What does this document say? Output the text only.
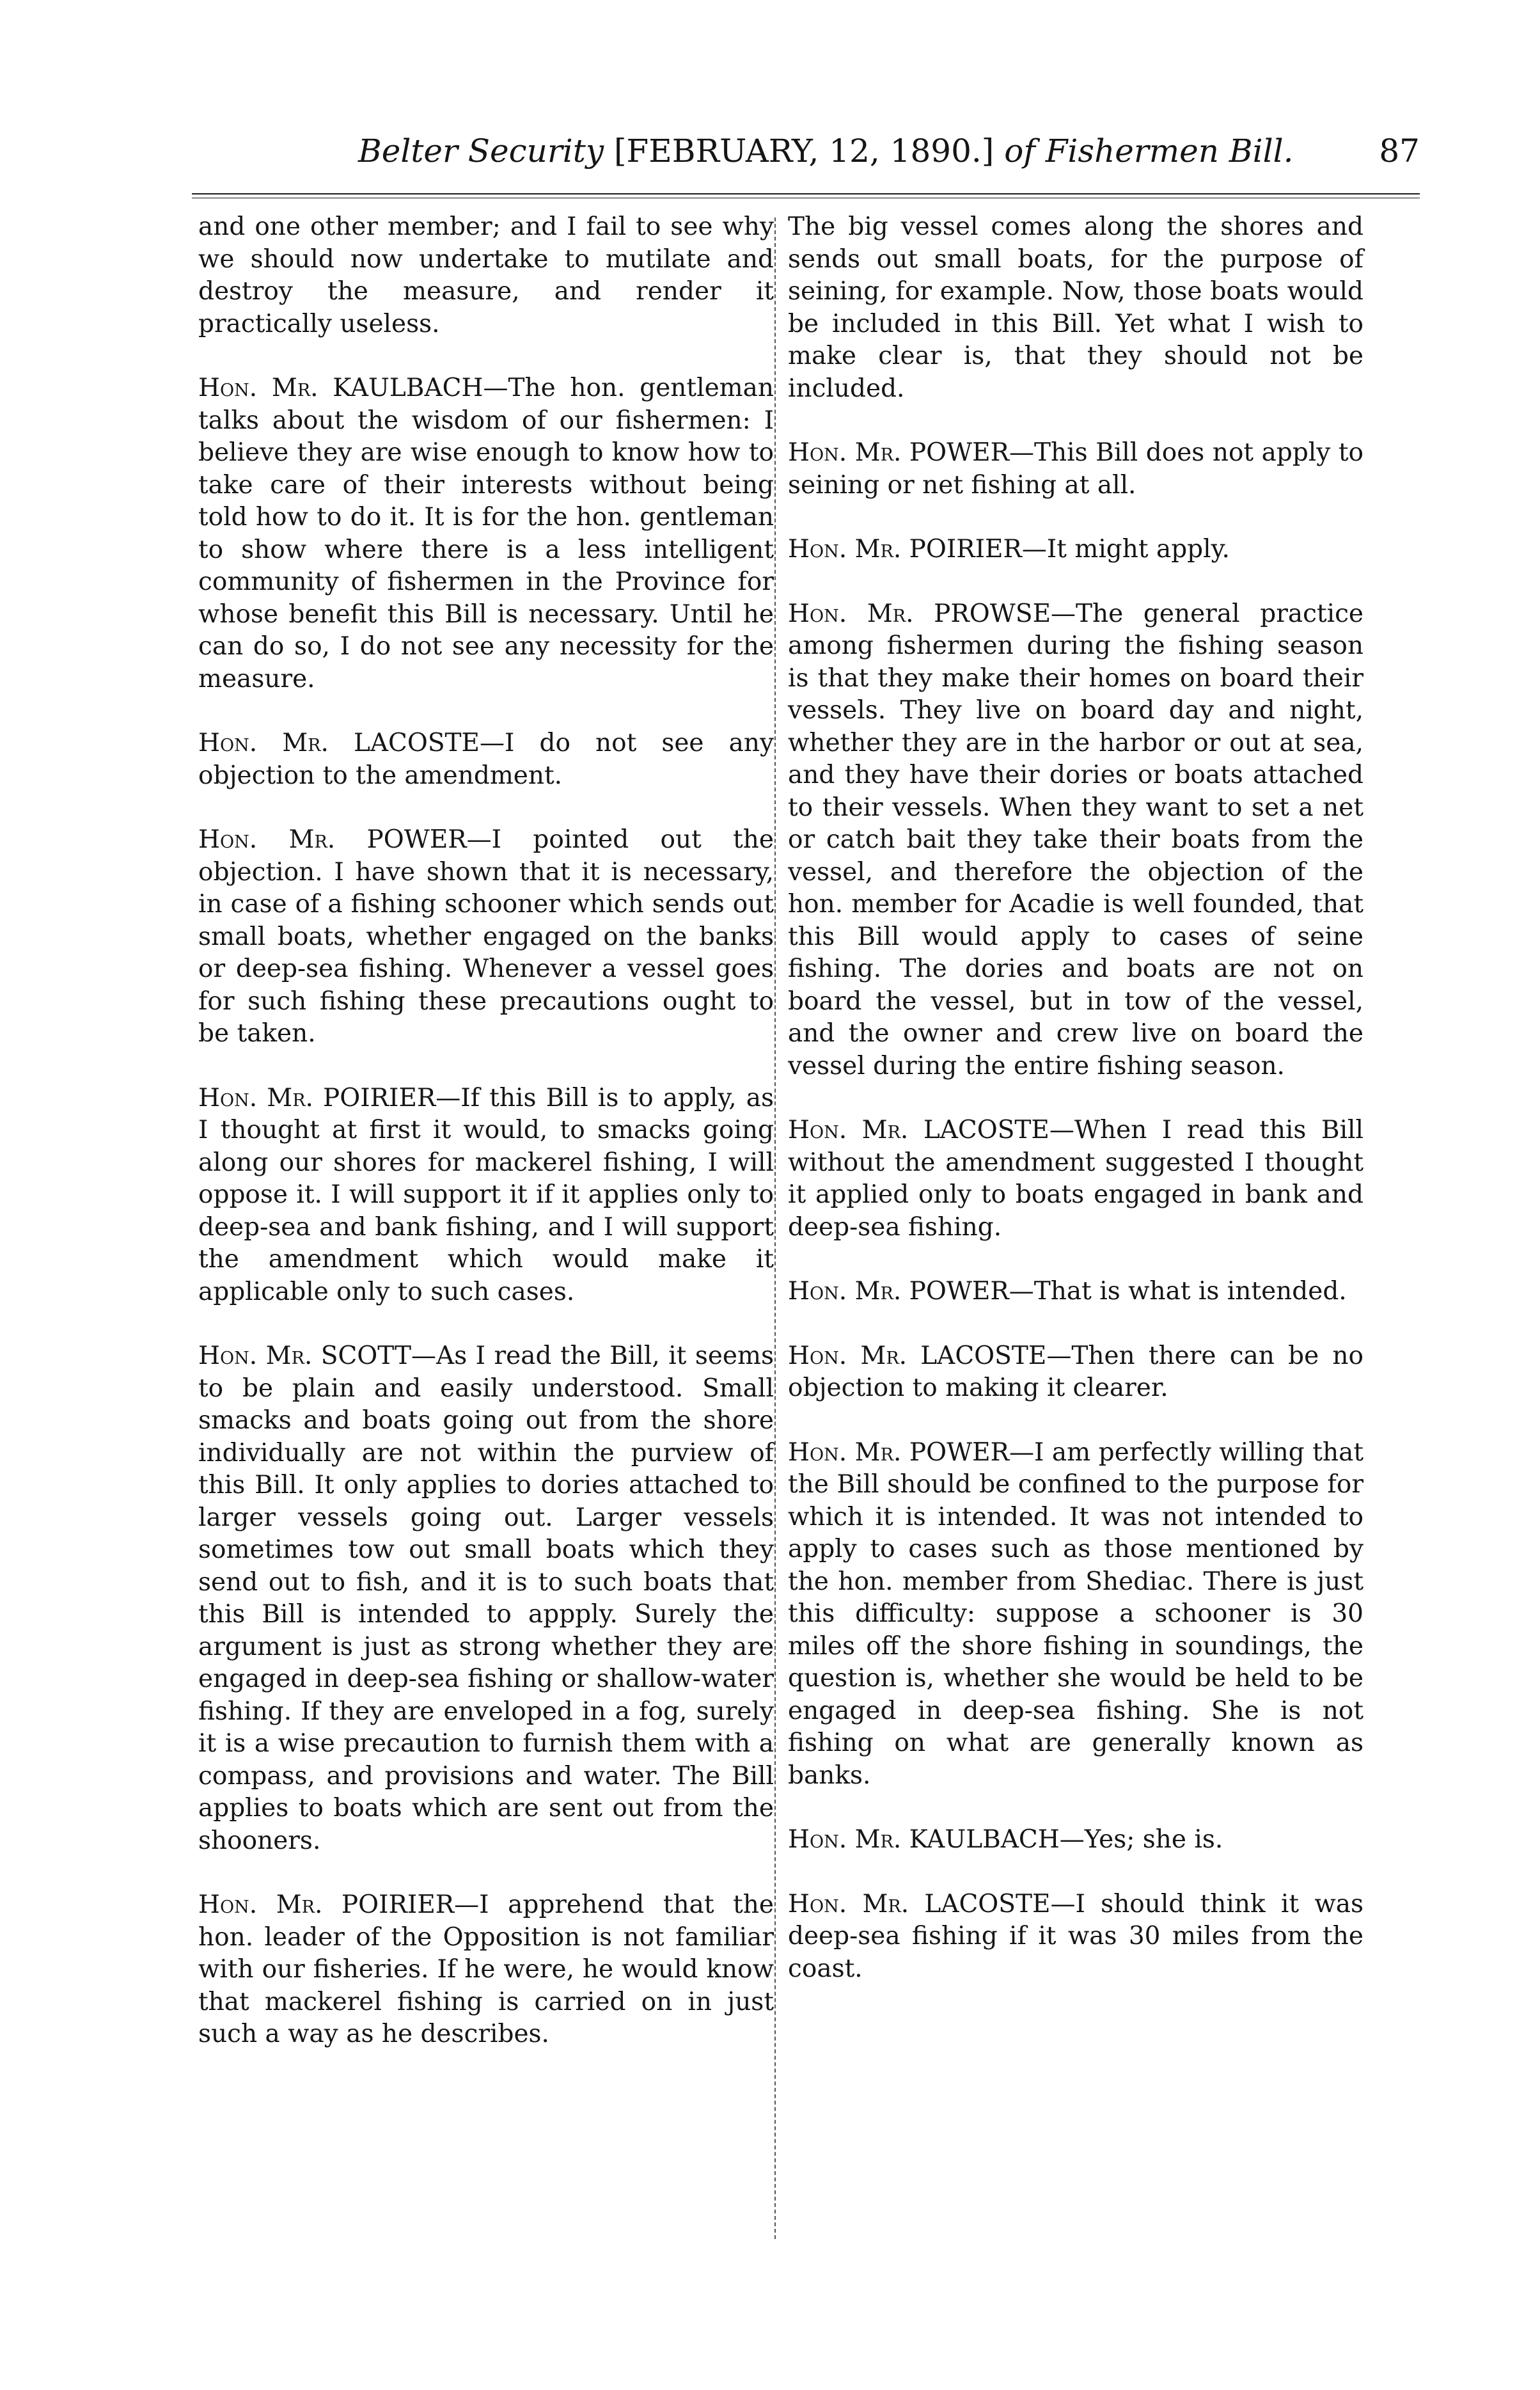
Belter Security [FEBRUARY, 12, 1890.] of Fishermen Bill.	87

and one other member; and I fail to see why we should now undertake to mutilate and destroy the measure, and render it practically useless.

Hon. Mr. KAULBACH—The hon. gentleman talks about the wisdom of our fishermen: I believe they are wise enough to know how to take care of their interests without being told how to do it. It is for the hon. gentleman to show where there is a less intelligent community of fishermen in the Province for whose benefit this Bill is necessary. Until he can do so, I do not see any necessity for the measure.

Hon. Mr. LACOSTE—I do not see any objection to the amendment.

Hon. Mr. POWER—I pointed out the objection. I have shown that it is necessary, in case of a fishing schooner which sends out small boats, whether engaged on the banks or deep-sea fishing. Whenever a vessel goes for such fishing these precautions ought to be taken.

Hon. Mr. POIRIER—If this Bill is to apply, as I thought at first it would, to smacks going along our shores for mackerel fishing, I will oppose it. I will support it if it applies only to deep-sea and bank fishing, and I will support the amendment which would make it applicable only to such cases.

Hon. Mr. SCOTT—As I read the Bill, it seems to be plain and easily understood. Small smacks and boats going out from the shore individually are not within the purview of this Bill. It only applies to dories attached to larger vessels going out. Larger vessels sometimes tow out small boats which they send out to fish, and it is to such boats that this Bill is intended to appply. Surely the argument is just as strong whether they are engaged in deep-sea fishing or shallow-water fishing. If they are enveloped in a fog, surely it is a wise precaution to furnish them with a compass, and provisions and water. The Bill applies to boats which are sent out from the shooners.

Hon. Mr. POIRIER—I apprehend that the hon. leader of the Opposition is not familiar with our fisheries. If he were, he would know that mackerel fishing is carried on in just such a way as he describes.

The big vessel comes along the shores and sends out small boats, for the purpose of seining, for example. Now, those boats would be included in this Bill. Yet what I wish to make clear is, that they should not be included.

Hon. Mr. POWER—This Bill does not apply to seining or net fishing at all.

Hon. Mr. POIRIER—It might apply.

Hon. Mr. PROWSE—The general practice among fishermen during the fishing season is that they make their homes on board their vessels. They live on board day and night, whether they are in the harbor or out at sea, and they have their dories or boats attached to their vessels. When they want to set a net or catch bait they take their boats from the vessel, and therefore the objection of the hon. member for Acadie is well founded, that this Bill would apply to cases of seine fishing. The dories and boats are not on board the vessel, but in tow of the vessel, and the owner and crew live on board the vessel during the entire fishing season.

Hon. Mr. LACOSTE—When I read this Bill without the amendment suggested I thought it applied only to boats engaged in bank and deep-sea fishing.

Hon. Mr. POWER—That is what is intended.

Hon. Mr. LACOSTE—Then there can be no objection to making it clearer.

Hon. Mr. POWER—I am perfectly willing that the Bill should be confined to the purpose for which it is intended. It was not intended to apply to cases such as those mentioned by the hon. member from Shediac. There is just this difficulty: suppose a schooner is 30 miles off the shore fishing in soundings, the question is, whether she would be held to be engaged in deep-sea fishing. She is not fishing on what are generally known as banks.

Hon. Mr. KAULBACH—Yes; she is.

Hon. Mr. LACOSTE—I should think it was deep-sea fishing if it was 30 miles from the coast.
